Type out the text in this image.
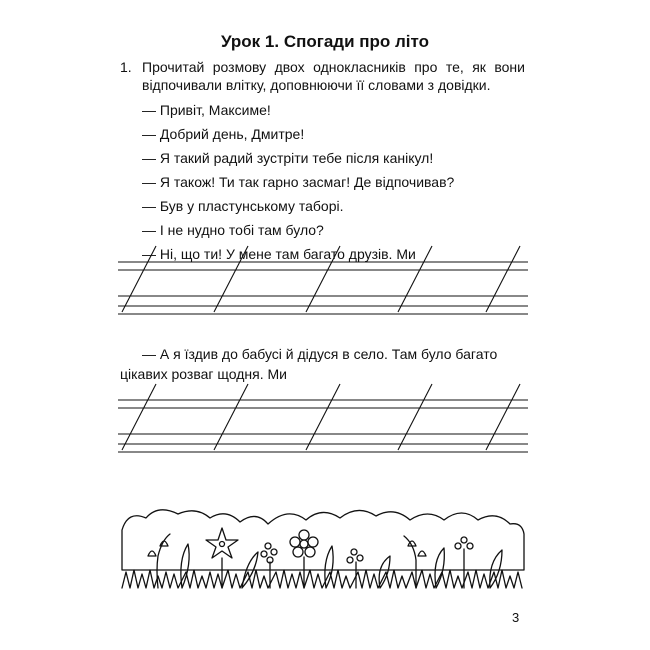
Урок 1. Спогади про літо
1. Прочитай розмову двох однокласників про те, як вони відпочивали влітку, доповнюючи її словами з довідки.
— Привіт, Максиме!
— Добрий день, Дмитре!
— Я такий радий зустріти тебе після канікул!
— Я також! Ти так гарно засмаг! Де відпочивав?
— Був у пластунському таборі.
— І не нудно тобі там було?
— Ні, що ти! У мене там багато друзів. Ми
— А я їздив до бабусі й дідуся в село. Там було багато
цікавих розваг щодня. Ми
3
